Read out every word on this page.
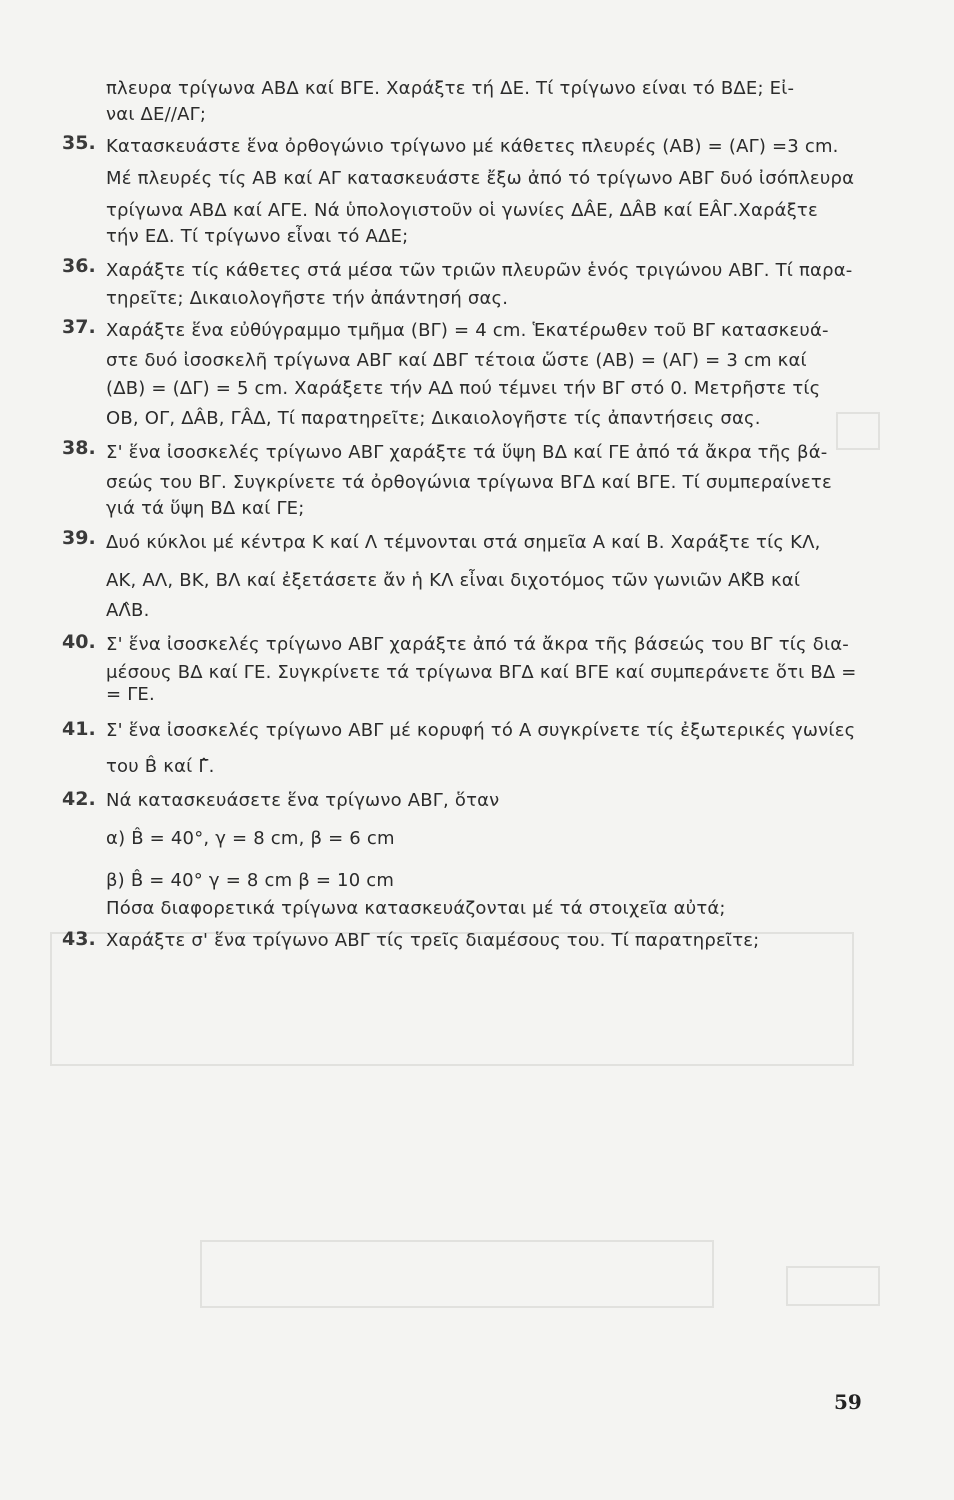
πλευρα τρίγωνα ΑΒΔ καί ΒΓΕ. Χαράξτε τή ΔΕ. Τί τρίγωνο είναι τό ΒΔΕ; Εἰ-
ναι ΔΕ//ΑΓ;
35. Κατασκευάστε ἕνα ὀρθογώνιο τρίγωνο μέ κάθετες πλευρές (ΑΒ) = (ΑΓ) =3 cm.
Μέ πλευρές τίς ΑΒ καί ΑΓ κατασκευάστε ἔξω ἀπό τό τρίγωνο ΑΒΓ δυό ἰσόπλευρα
τρίγωνα ΑΒΔ καί ΑΓΕ. Νά ὑπολογιστοῦν οἱ γωνίες ΔÂΕ, ΔÂΒ καί ΕÂΓ.Χαράξτε
τήν ΕΔ. Τί τρίγωνο εἶναι τό ΑΔΕ;
36. Χαράξτε τίς κάθετες στά μέσα τῶν τριῶν πλευρῶν ἑνός τριγώνου ΑΒΓ. Τί παρα-
τηρεῖτε; Δικαιολογῆστε τήν ἀπάντησή σας.
37. Χαράξτε ἕνα εὐθύγραμμο τμῆμα (ΒΓ) = 4 cm. Ἑκατέρωθεν τοῦ ΒΓ κατασκευά-
στε δυό ἰσοσκελῆ τρίγωνα ΑΒΓ καί ΔΒΓ τέτοια ὥστε (ΑΒ) = (ΑΓ) = 3 cm καί
(ΔΒ) = (ΔΓ) = 5 cm. Χαράξετε τήν ΑΔ πού τέμνει τήν ΒΓ στό 0. Μετρῆστε τίς
ΟΒ, ΟΓ, ΔÂΒ, ΓÂΔ, Τί παρατηρεῖτε; Δικαιολογῆστε τίς ἀπαντήσεις σας.
38. Σ' ἕνα ἰσοσκελές τρίγωνο ΑΒΓ χαράξτε τά ὕψη ΒΔ καί ΓΕ ἀπό τά ἄκρα τῆς βά-
σεώς του ΒΓ. Συγκρίνετε τά ὀρθογώνια τρίγωνα ΒΓΔ καί ΒΓΕ. Τί συμπεραίνετε
γιά τά ὕψη ΒΔ καί ΓΕ;
39. Δυό κύκλοι μέ κέντρα Κ καί Λ τέμνονται στά σημεῖα Α καί Β. Χαράξτε τίς ΚΛ,
ΑΚ, ΑΛ, ΒΚ, ΒΛ καί ἐξετάσετε ἄν ἡ ΚΛ εἶναι διχοτόμος τῶν γωνιῶν ΑΚ̂Β καί
ΑΛ̂Β.
40. Σ' ἕνα ἰσοσκελές τρίγωνο ΑΒΓ χαράξτε ἀπό τά ἄκρα τῆς βάσεώς του ΒΓ τίς δια-
μέσους ΒΔ καί ΓΕ. Συγκρίνετε τά τρίγωνα ΒΓΔ καί ΒΓΕ καί συμπεράνετε ὅτι ΒΔ =
= ΓΕ.
41. Σ' ἕνα ἰσοσκελές τρίγωνο ΑΒΓ μέ κορυφή τό Α συγκρίνετε τίς ἐξωτερικές γωνίες
του B̂ καί Γ̂.
42. Νά κατασκευάσετε ἕνα τρίγωνο ΑΒΓ, ὅταν
α) B̂ = 40°, γ = 8 cm, β = 6 cm
β) B̂ = 40° γ = 8 cm β = 10 cm
Πόσα διαφορετικά τρίγωνα κατασκευάζονται μέ τά στοιχεῖα αὐτά;
43. Χαράξτε σ' ἕνα τρίγωνο ΑΒΓ τίς τρεῖς διαμέσους του. Τί παρατηρεῖτε;
59
